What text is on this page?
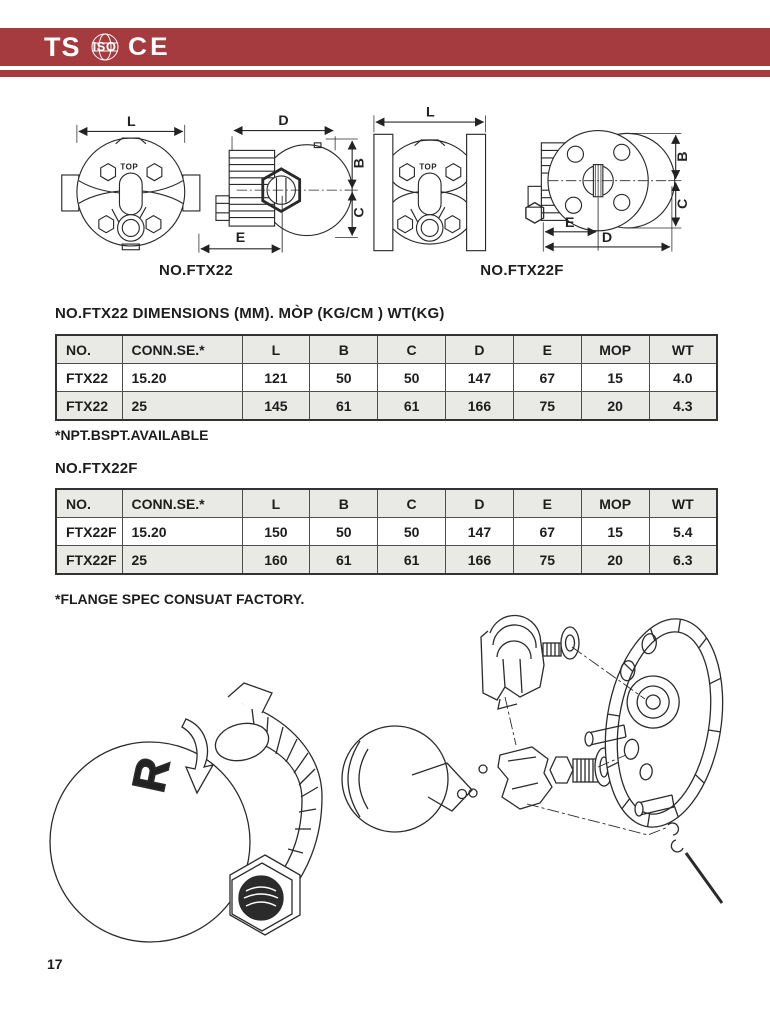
TS ISO CE
L	D
B
C
E
L
B
C
E
D
TOP	TOP
NO.FTX22	NO.FTX22F
NO.FTX22 DIMENSIONS (MM). MÒP (KG/CM ) WT(KG)
NO.	CONN.SE.*	L	B	C	D	E	MOP	WT
FTX22	15.20	121	50	50	147	67	15	4.0
FTX22	25	145	61	61	166	75	20	4.3
*NPT.BSPT.AVAILABLE
NO.FTX22F
NO.	CONN.SE.*	L	B	C	D	E	MOP	WT
FTX22F	15.20	150	50	50	147	67	15	5.4
FTX22F	25	160	61	61	166	75	20	6.3
*FLANGE SPEC CONSUAT FACTORY.
R
17
